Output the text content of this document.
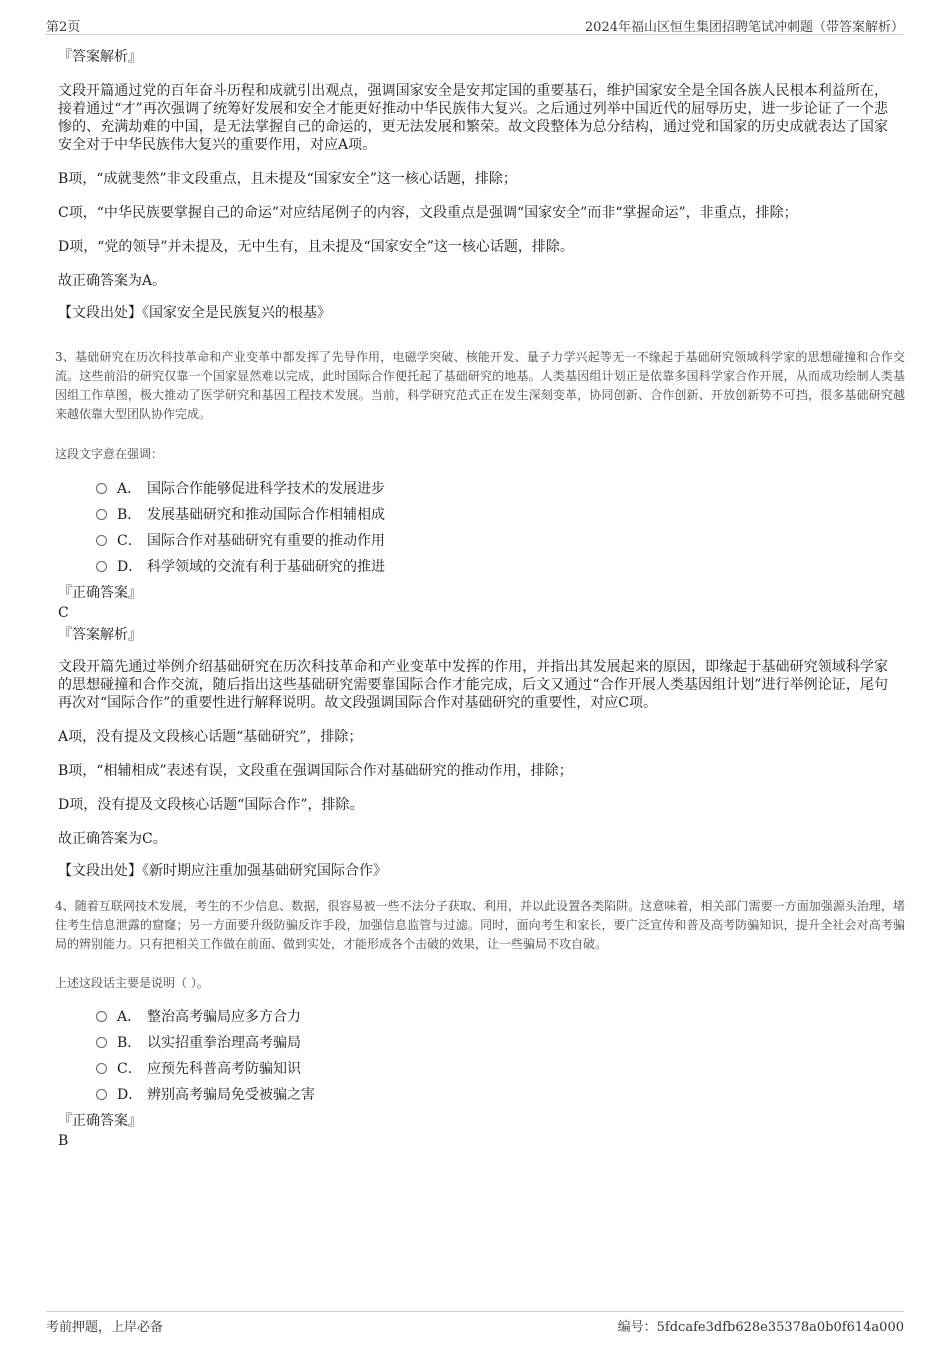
第2页	2024年福山区恒生集团招聘笔试冲刺题（带答案解析）
『答案解析』
文段开篇通过党的百年奋斗历程和成就引出观点，强调国家安全是安邦定国的重要基石，维护国家安全是全国各族人民根本利益所在，接着通过“才”再次强调了统筹好发展和安全才能更好推动中华民族伟大复兴。之后通过列举中国近代的屈辱历史，进一步论证了一个悲惨的、充满劫难的中国，是无法掌握自己的命运的，更无法发展和繁荣。故文段整体为总分结构，通过党和国家的历史成就表达了国家安全对于中华民族伟大复兴的重要作用，对应A项。
B项，“成就斐然”非文段重点，且未提及“国家安全”这一核心话题，排除；
C项，“中华民族要掌握自己的命运”对应结尾例子的内容，文段重点是强调“国家安全”而非“掌握命运”，非重点，排除；
D项，“党的领导”并未提及，无中生有，且未提及“国家安全”这一核心话题，排除。
故正确答案为A。
【文段出处】《国家安全是民族复兴的根基》
3、基础研究在历次科技革命和产业变革中都发挥了先导作用，电磁学突破、核能开发、量子力学兴起等无一不缘起于基础研究领域科学家的思想碰撞和合作交流。这些前沿的研究仅靠一个国家显然难以完成，此时国际合作便托起了基础研究的地基。人类基因组计划正是依靠多国科学家合作开展，从而成功绘制人类基因组工作草图，极大推动了医学研究和基因工程技术发展。当前，科学研究范式正在发生深刻变革，协同创新、合作创新、开放创新势不可挡，很多基础研究越来越依靠大型团队协作完成。
这段文字意在强调：
A． 国际合作能够促进科学技术的发展进步
B． 发展基础研究和推动国际合作相辅相成
C． 国际合作对基础研究有重要的推动作用
D． 科学领域的交流有利于基础研究的推进
『正确答案』
C
『答案解析』
文段开篇先通过举例介绍基础研究在历次科技革命和产业变革中发挥的作用，并指出其发展起来的原因，即缘起于基础研究领域科学家的思想碰撞和合作交流，随后指出这些基础研究需要靠国际合作才能完成，后文又通过“合作开展人类基因组计划”进行举例论证，尾句再次对“国际合作”的重要性进行解释说明。故文段强调国际合作对基础研究的重要性，对应C项。
A项，没有提及文段核心话题“基础研究”，排除；
B项，“相辅相成”表述有误，文段重在强调国际合作对基础研究的推动作用，排除；
D项，没有提及文段核心话题“国际合作”，排除。
故正确答案为C。
【文段出处】《新时期应注重加强基础研究国际合作》
4、随着互联网技术发展，考生的不少信息、数据，很容易被一些不法分子获取、利用，并以此设置各类陷阱。这意味着，相关部门需要一方面加强源头治理，堵住考生信息泄露的窟窿；另一方面要升级防骗反诈手段，加强信息监管与过滤。同时，面向考生和家长，要广泛宣传和普及高考防骗知识，提升全社会对高考骗局的辨别能力。只有把相关工作做在前面、做到实处，才能形成各个击破的效果，让一些骗局不攻自破。
上述这段话主要是说明（ ）。
A． 整治高考骗局应多方合力
B． 以实招重拳治理高考骗局
C． 应预先科普高考防骗知识
D． 辨别高考骗局免受被骗之害
『正确答案』
B
考前押题，上岸必备	编号：5fdcafe3dfb628e35378a0b0f614a000
